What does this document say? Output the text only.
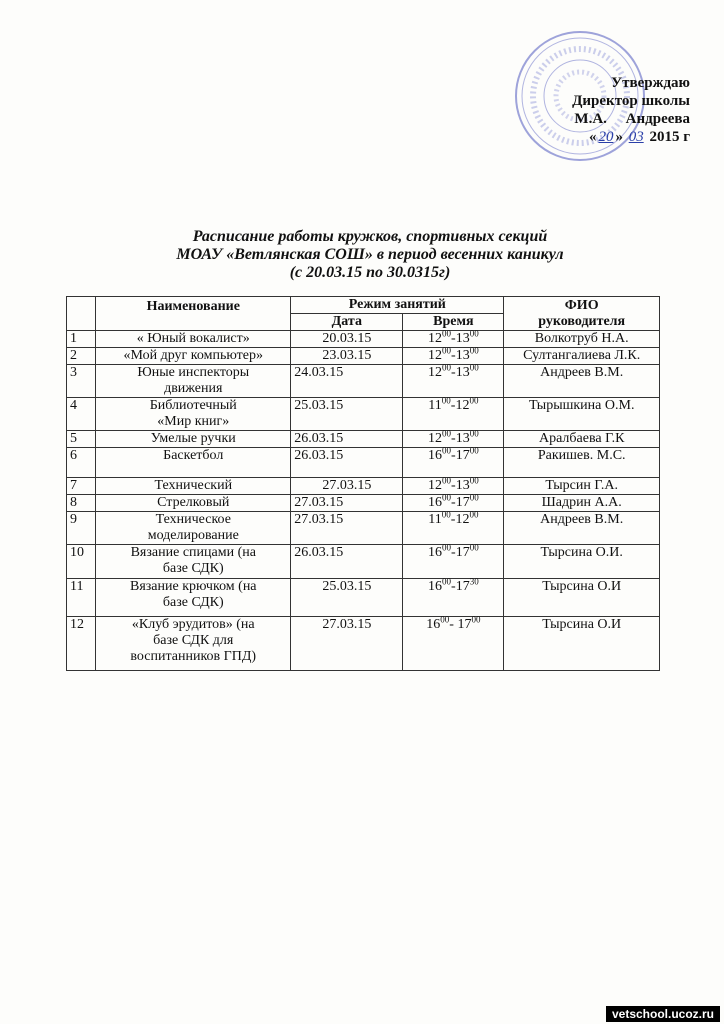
Утверждаю
Директор школы
М.А. Андреева
« 20 » 03 2015 г
Расписание работы кружков, спортивных секций
МОАУ «Ветлянская СОШ» в период весенних каникул
(с 20.03.15 по 30.0315г)
	Наименование	Режим занятий		ФИО
руководителя
		Дата	Время	
1	« Юный вокалист»	20.03.15	$12^{00}-13^{00}$	Волкотруб Н.А.
2	«Мой друг компьютер»	23.03.15	$12^{00}-13^{00}$	Султангалиева Л.К.
3	Юные инспекторы
движения	24.03.15	$12^{00}-13^{00}$	Андреев В.М.
4	Библиотечный
«Мир книг»	25.03.15	$11^{00}-12^{00}$	Тырышкина О.М.
5	Умелые ручки	26.03.15	$12^{00}-13^{00}$	Аралбаева Г.К
6	Баскетбол	26.03.15	$16^{00}-17^{00}$	Ракишев. М.С.
7	Технический	27.03.15	$12^{00}-13^{00}$	Тырсин Г.А.
8	Стрелковый	27.03.15	$16^{00}-17^{00}$	Шадрин А.А.
9	Техническое
моделирование	27.03.15	$11^{00}-12^{00}$	Андреев В.М.
10	Вязание спицами (на
базе СДК)	26.03.15	$16^{00}-17^{00}$	Тырсина О.И.
11	Вязание крючком (на
базе СДК)	25.03.15	$16^{00}-17^{30}$	Тырсина О.И
12	«Клуб эрудитов» (на
базе СДК для
воспитанников ГПД)	27.03.15	$16^{00}-$ $17^{00}$	Тырсина О.И
vetschool.ucoz.ru
